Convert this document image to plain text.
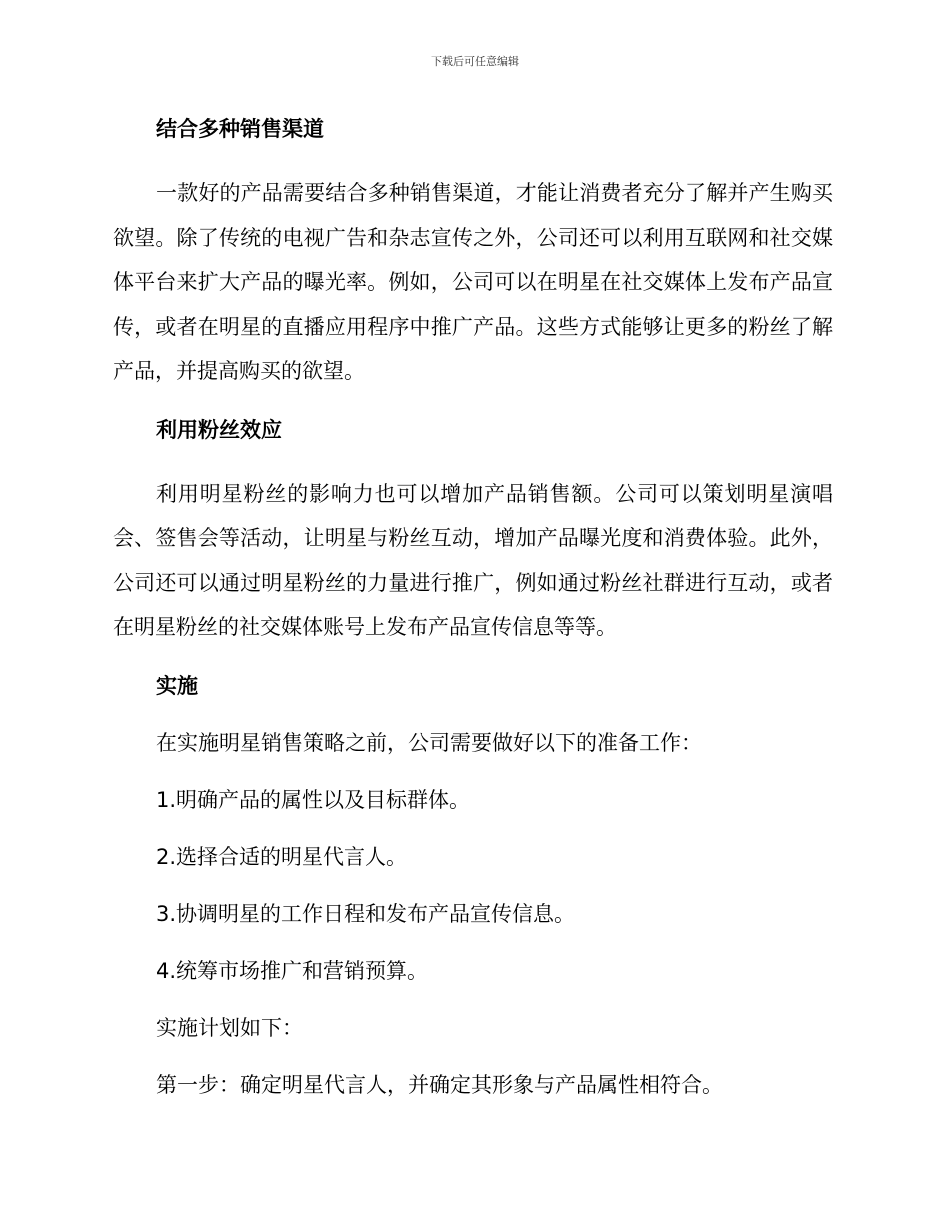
下载后可任意编辑
结合多种销售渠道

一款好的产品需要结合多种销售渠道，才能让消费者充分了解并产生购买欲望。除了传统的电视广告和杂志宣传之外，公司还可以利用互联网和社交媒体平台来扩大产品的曝光率。例如，公司可以在明星在社交媒体上发布产品宣传，或者在明星的直播应用程序中推广产品。这些方式能够让更多的粉丝了解产品，并提高购买的欲望。

利用粉丝效应

利用明星粉丝的影响力也可以增加产品销售额。公司可以策划明星演唱会、签售会等活动，让明星与粉丝互动，增加产品曝光度和消费体验。此外，公司还可以通过明星粉丝的力量进行推广，例如通过粉丝社群进行互动，或者在明星粉丝的社交媒体账号上发布产品宣传信息等等。

实施

在实施明星销售策略之前，公司需要做好以下的准备工作：

1.明确产品的属性以及目标群体。

2.选择合适的明星代言人。

3.协调明星的工作日程和发布产品宣传信息。

4.统筹市场推广和营销预算。

实施计划如下：

第一步：确定明星代言人，并确定其形象与产品属性相符合。
